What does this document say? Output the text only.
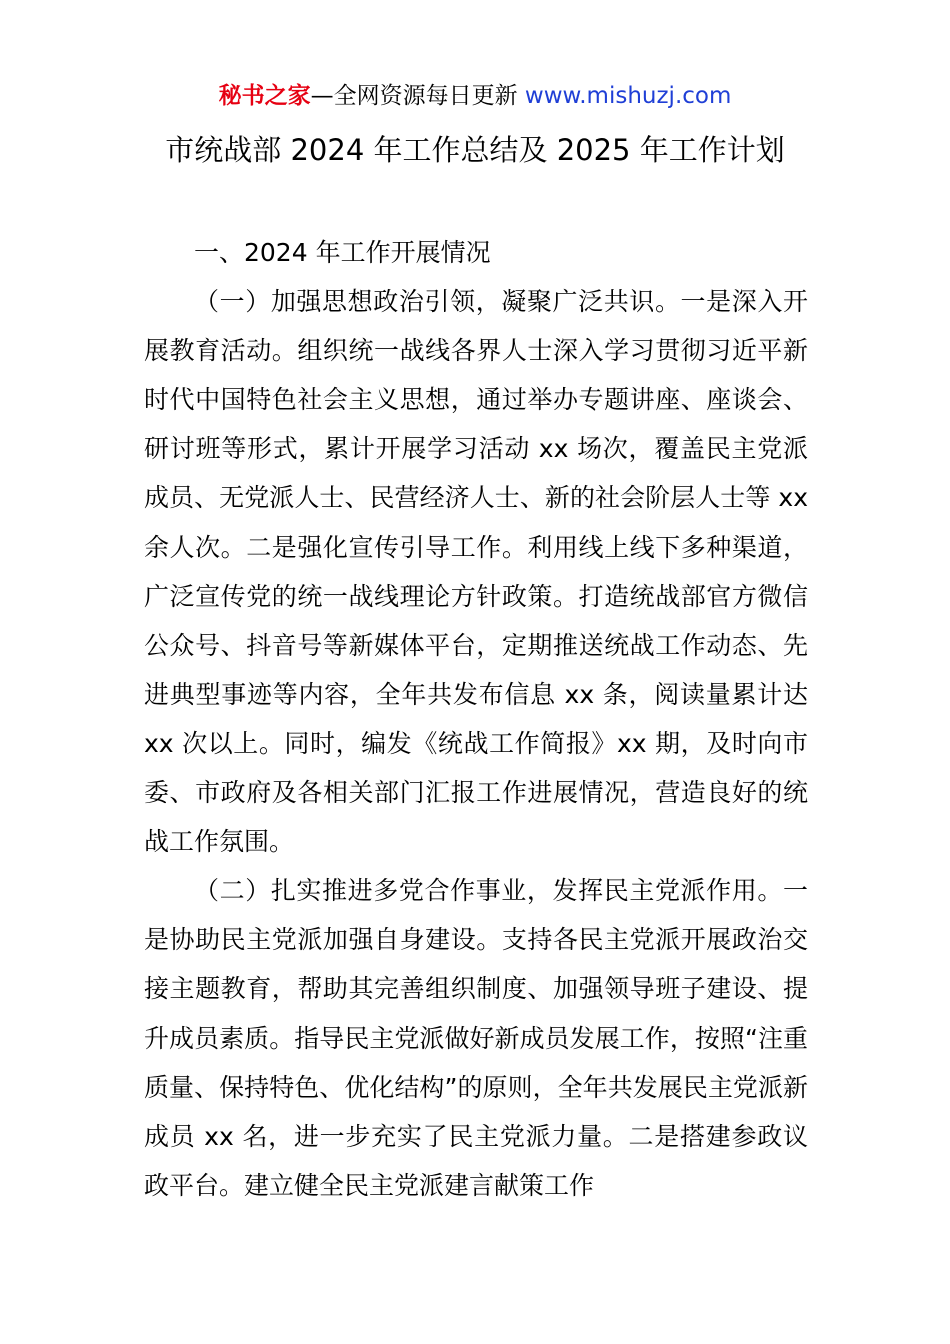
秘书之家—全网资源每日更新 www.mishuzj.com
市统战部 2024 年工作总结及 2025 年工作计划

一、2024 年工作开展情况

（一）加强思想政治引领，凝聚广泛共识。一是深入开展教育活动。组织统一战线各界人士深入学习贯彻习近平新时代中国特色社会主义思想，通过举办专题讲座、座谈会、研讨班等形式，累计开展学习活动 xx 场次，覆盖民主党派成员、无党派人士、民营经济人士、新的社会阶层人士等 xx 余人次。二是强化宣传引导工作。利用线上线下多种渠道，广泛宣传党的统一战线理论方针政策。打造统战部官方微信公众号、抖音号等新媒体平台，定期推送统战工作动态、先进典型事迹等内容，全年共发布信息 xx 条，阅读量累计达 xx 次以上。同时，编发《统战工作简报》xx 期，及时向市委、市政府及各相关部门汇报工作进展情况，营造良好的统战工作氛围。

（二）扎实推进多党合作事业，发挥民主党派作用。一是协助民主党派加强自身建设。支持各民主党派开展政治交接主题教育，帮助其完善组织制度、加强领导班子建设、提升成员素质。指导民主党派做好新成员发展工作，按照“注重质量、保持特色、优化结构”的原则，全年共发展民主党派新成员 xx 名，进一步充实了民主党派力量。二是搭建参政议政平台。建立健全民主党派建言献策工作
